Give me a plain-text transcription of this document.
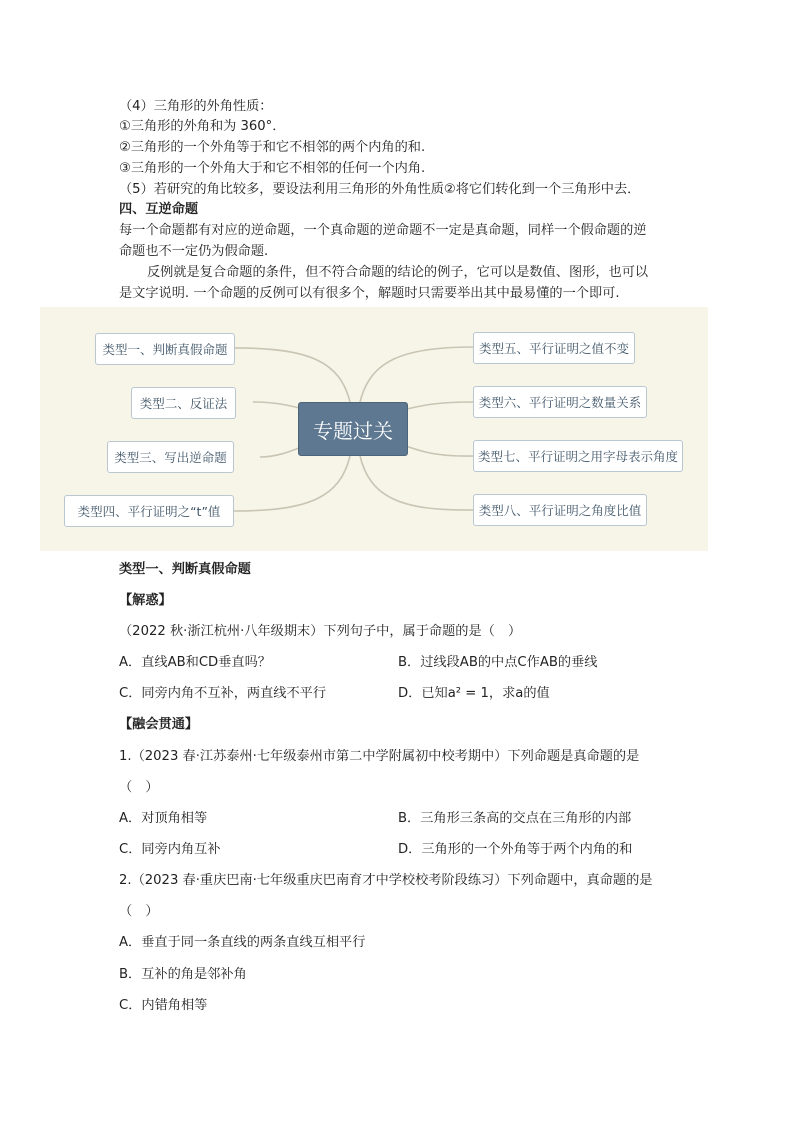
（4）三角形的外角性质：
①三角形的外角和为 360°．
②三角形的一个外角等于和它不相邻的两个内角的和.
③三角形的一个外角大于和它不相邻的任何一个内角.
（5）若研究的角比较多，要设法利用三角形的外角性质②将它们转化到一个三角形中去．
四、互逆命题
每一个命题都有对应的逆命题，一个真命题的逆命题不一定是真命题，同样一个假命题的逆
命题也不一定仍为假命题.
反例就是复合命题的条件，但不符合命题的结论的例子，它可以是数值、图形，也可以
是文字说明. 一个命题的反例可以有很多个，解题时只需要举出其中最易懂的一个即可.
专题过关
类型一、判断真假命题
类型二、反证法
类型三、写出逆命题
类型四、平行证明之“t”值
类型五、平行证明之值不变
类型六、平行证明之数量关系
类型七、平行证明之用字母表示角度
类型八、平行证明之角度比值
类型一、判断真假命题
【解惑】
（2022 秋·浙江杭州·八年级期末）下列句子中，属于命题的是（　）
A．直线AB和CD垂直吗？	B．过线段AB的中点C作AB的垂线
C．同旁内角不互补，两直线不平行	D．已知a² = 1，求a的值
【融会贯通】
1.（2023 春·江苏泰州·七年级泰州市第二中学附属初中校考期中）下列命题是真命题的是
（　）
A．对顶角相等	B．三角形三条高的交点在三角形的内部
C．同旁内角互补	D．三角形的一个外角等于两个内角的和
2.（2023 春·重庆巴南·七年级重庆巴南育才中学校校考阶段练习）下列命题中，真命题的是
（　）
A．垂直于同一条直线的两条直线互相平行
B．互补的角是邻补角
C．内错角相等
